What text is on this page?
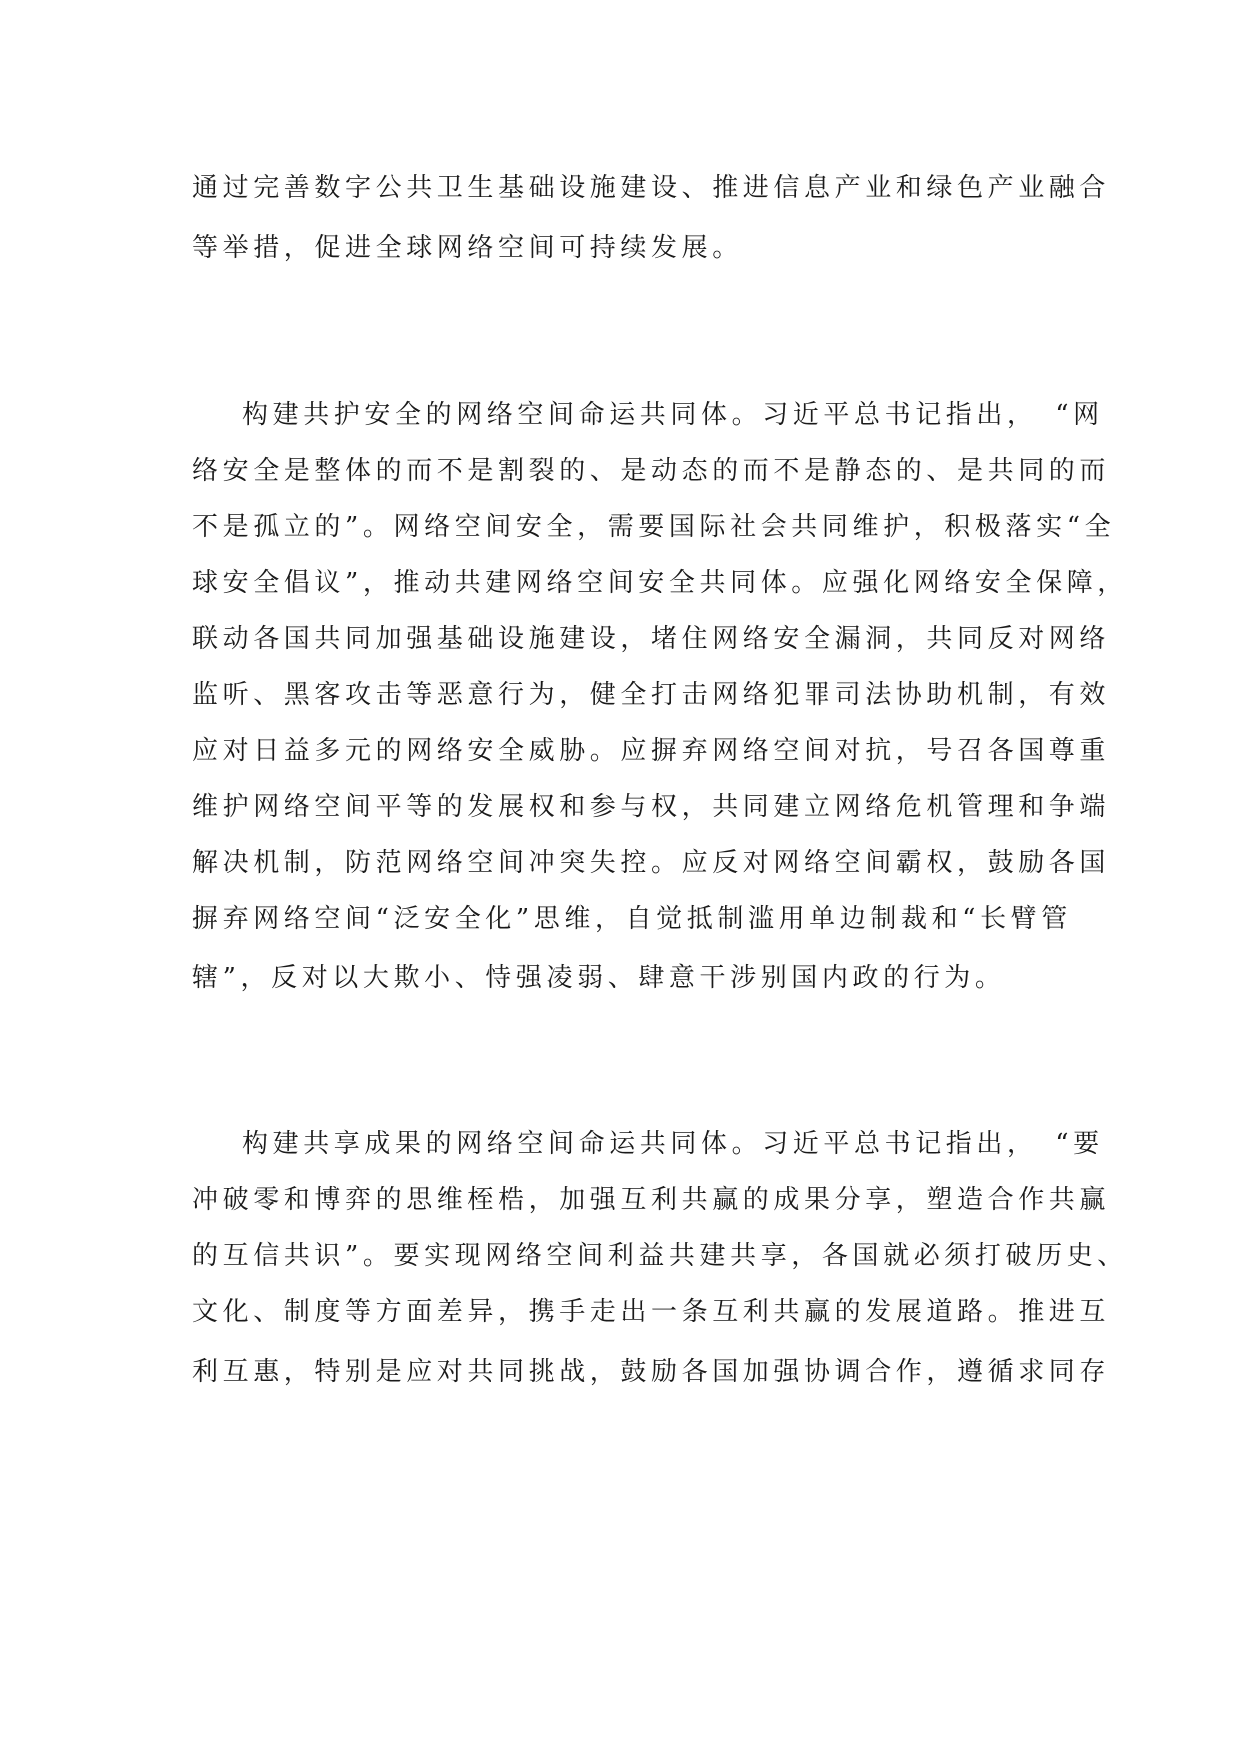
通过完善数字公共卫生基础设施建设、推进信息产业和绿色产业融合
等举措，促进全球网络空间可持续发展。
构建共护安全的网络空间命运共同体。习近平总书记指出，　“网
络安全是整体的而不是割裂的、是动态的而不是静态的、是共同的而
不是孤立的”。网络空间安全，需要国际社会共同维护，积极落实“全
球安全倡议”，推动共建网络空间安全共同体。应强化网络安全保障，
联动各国共同加强基础设施建设，堵住网络安全漏洞，共同反对网络
监听、黑客攻击等恶意行为，健全打击网络犯罪司法协助机制，有效
应对日益多元的网络安全威胁。应摒弃网络空间对抗，号召各国尊重
维护网络空间平等的发展权和参与权，共同建立网络危机管理和争端
解决机制，防范网络空间冲突失控。应反对网络空间霸权，鼓励各国
摒弃网络空间“泛安全化”思维，自觉抵制滥用单边制裁和“长臂管
辖”，反对以大欺小、恃强凌弱、肆意干涉别国内政的行为。
构建共享成果的网络空间命运共同体。习近平总书记指出，　“要
冲破零和博弈的思维桎梏，加强互利共赢的成果分享，塑造合作共赢
的互信共识”。要实现网络空间利益共建共享，各国就必须打破历史、
文化、制度等方面差异，携手走出一条互利共赢的发展道路。推进互
利互惠，特别是应对共同挑战，鼓励各国加强协调合作，遵循求同存
